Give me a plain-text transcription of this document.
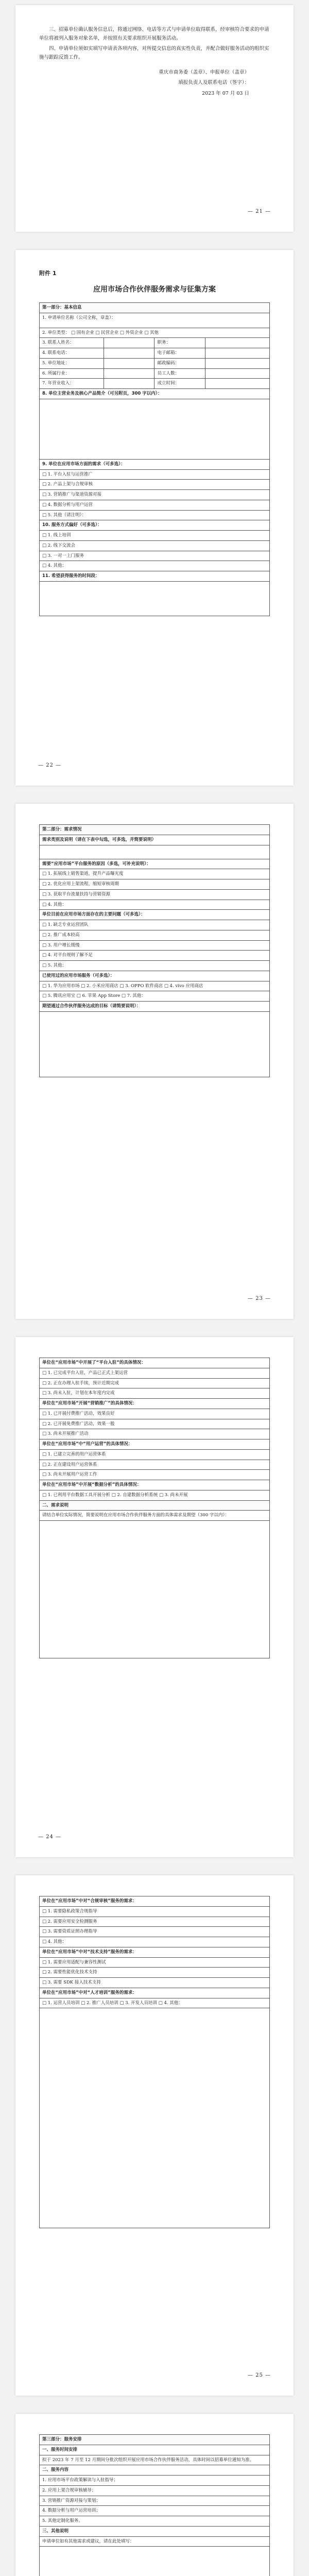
三、招募单位确认服务信息后，将通过网络、电话等方式与申请单位取得联系，经审核符合要求的申请单位将被列入服务对象名单，并按照有关要求组织开展服务活动。

四、申请单位须如实填写申请表各项内容，对所提交信息的真实性负责，并配合做好服务活动的组织实施与跟踪反馈工作。

重庆市商务委（盖章）、申报单位（盖章）
填报负责人及联系电话（签字）：
2023 年 07 月 03 日
— 21 —
附件 1
应用市场合作伙伴服务需求与征集方案
第一部分：基本信息			
1. 申请单位名称（公司全称，章盖）：			
2. 单位类型： □ 国有企业 □ 民营企业 □ 外资企业 □ 其他			
3. 联系人姓名：		职务：	
4. 联系电话：		电子邮箱：	
5. 单位地址：		邮政编码：	
6. 所属行业：		员工人数：	
7. 年营业收入：		成立时间：	
8. 单位主营业务及核心产品简介（可另附页，300 字以内）：			

9. 单位在应用市场方面的需求（可多选）：			
□ 1. 平台入驻与运营推广			
□ 2. 产品上架与合规审核			
□ 3. 营销推广与渠道资源对接			
□ 4. 数据分析与用户运营			
□ 5. 其他（请注明）：			
10. 服务方式偏好（可多选）：			
□ 1. 线上培训			
□ 2. 线下交流会			
□ 3. 一对一上门服务			
□ 4. 其他：			
11. 希望获得服务的时间段：			

— 22 —
第二部分：需求情况
需求类别及说明（请在下表中勾选，可多选，并简要说明）

需要“应用市场”平台服务的原因（多选，可补充说明）：
□ 1. 拓展线上销售渠道，提升产品曝光度
□ 2. 优化应用上架流程，缩短审核周期
□ 3. 获取平台流量扶持与营销资源
□ 4. 其他：
单位目前在应用市场方面存在的主要问题（可多选）：
□ 1. 缺乏专业运营团队
□ 2. 推广成本较高
□ 3. 用户增长缓慢
□ 4. 对平台规则了解不足
□ 5. 其他：
已使用过的应用市场服务（可多选）：
□ 1. 华为应用市场 □ 2. 小米应用商店 □ 3. OPPO 软件商店 □ 4. vivo 应用商店
□ 5. 腾讯应用宝 □ 6. 苹果 App Store □ 7. 其他：
期望通过合作伙伴服务达成的目标（请简要说明）：

— 23 —
单位在“应用市场”中开展了“平台入驻”的具体情况：
□ 1. 已完成平台入驻，产品已正式上架运营
□ 2. 正在办理入驻手续，预计近期完成
□ 3. 尚未入驻，计划在本年度内完成
单位在“应用市场”开展“营销推广”的具体情况：
□ 1. 已开展付费推广活动，效果良好
□ 2. 已开展免费推广活动，效果一般
□ 3. 尚未开展推广活动
单位在“应用市场”中“用户运营”的具体情况：
□ 1. 已建立完善的用户运营体系
□ 2. 正在建设用户运营体系
□ 3. 尚未开展用户运营工作
单位在“应用市场”中开展“数据分析”的具体情况：
□ 1. 已利用平台数据工具开展分析 □ 2. 自建数据分析系统 □ 3. 尚未开展
二、需求说明
请结合单位实际情况，简要说明在应用市场合作伙伴服务方面的具体需求及期望（300 字以内）：

— 24 —
单位在“应用市场”中对“合规审核”服务的需求：
□ 1. 需要隐私政策合规指导
□ 2. 需要应用安全检测服务
□ 3. 需要资质证照办理指导
□ 4. 其他：
单位在“应用市场”中对“技术支持”服务的需求：
□ 1. 需要应用适配与兼容性测试
□ 2. 需要性能优化技术支持
□ 3. 需要 SDK 接入技术支持
单位在“应用市场”中对“人才培训”服务的需求：
□ 1. 运营人员培训 □ 2. 推广人员培训 □ 3. 开发人员培训 □ 4. 其他：

— 25 —
第三部分：服务安排
一、服务时间安排
拟于 2023 年 7 月至 12 月期间分批次组织开展应用市场合作伙伴服务活动，具体时间以招募单位通知为准。
二、服务内容
1. 应用市场平台政策解读与入驻指导；
2. 应用上架合规审核辅导；
3. 营销推广资源对接与策划；
4. 数据分析与用户运营培训；
5. 其他定制化服务。
三、其他说明
申请单位如有其他需求或建议，请在此处填写：
